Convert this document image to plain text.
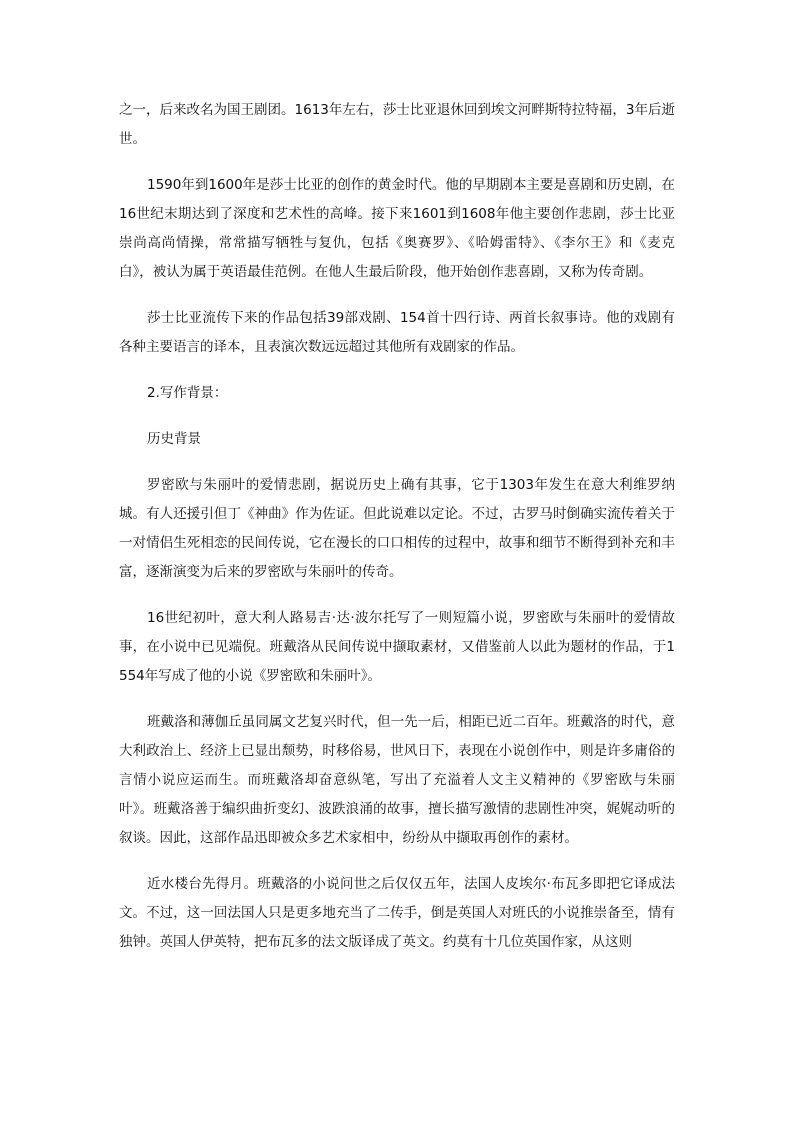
之一，后来改名为国王剧团。1613年左右，莎士比亚退休回到埃文河畔斯特拉特福，3年后逝世。

1590年到1600年是莎士比亚的创作的黄金时代。他的早期剧本主要是喜剧和历史剧，在16世纪末期达到了深度和艺术性的高峰。接下来1601到1608年他主要创作悲剧，莎士比亚崇尚高尚情操，常常描写牺牲与复仇，包括《奥赛罗》、《哈姆雷特》、《李尔王》和《麦克白》，被认为属于英语最佳范例。在他人生最后阶段，他开始创作悲喜剧，又称为传奇剧。

莎士比亚流传下来的作品包括39部戏剧、154首十四行诗、两首长叙事诗。他的戏剧有各种主要语言的译本，且表演次数远远超过其他所有戏剧家的作品。

2.写作背景：

历史背景

罗密欧与朱丽叶的爱情悲剧，据说历史上确有其事，它于1303年发生在意大利维罗纳城。有人还援引但丁《神曲》作为佐证。但此说难以定论。不过，古罗马时倒确实流传着关于一对情侣生死相恋的民间传说，它在漫长的口口相传的过程中，故事和细节不断得到补充和丰富，逐渐演变为后来的罗密欧与朱丽叶的传奇。

16世纪初叶，意大利人路易吉·达·波尔托写了一则短篇小说，罗密欧与朱丽叶的爱情故事，在小说中已见端倪。班戴洛从民间传说中撷取素材，又借鉴前人以此为题材的作品，于1554年写成了他的小说《罗密欧和朱丽叶》。

班戴洛和薄伽丘虽同属文艺复兴时代，但一先一后，相距已近二百年。班戴洛的时代，意大利政治上、经济上已显出颓势，时移俗易，世风日下，表现在小说创作中，则是许多庸俗的言情小说应运而生。而班戴洛却奋意纵笔，写出了充溢着人文主义精神的《罗密欧与朱丽叶》。班戴洛善于编织曲折变幻、波跌浪涌的故事，擅长描写激情的悲剧性冲突，娓娓动听的叙谈。因此，这部作品迅即被众多艺术家相中，纷纷从中撷取再创作的素材。

近水楼台先得月。班戴洛的小说问世之后仅仅五年，法国人皮埃尔·布瓦多即把它译成法文。不过，这一回法国人只是更多地充当了二传手，倒是英国人对班氏的小说推崇备至，情有独钟。英国人伊英特，把布瓦多的法文版译成了英文。约莫有十几位英国作家，从这则
